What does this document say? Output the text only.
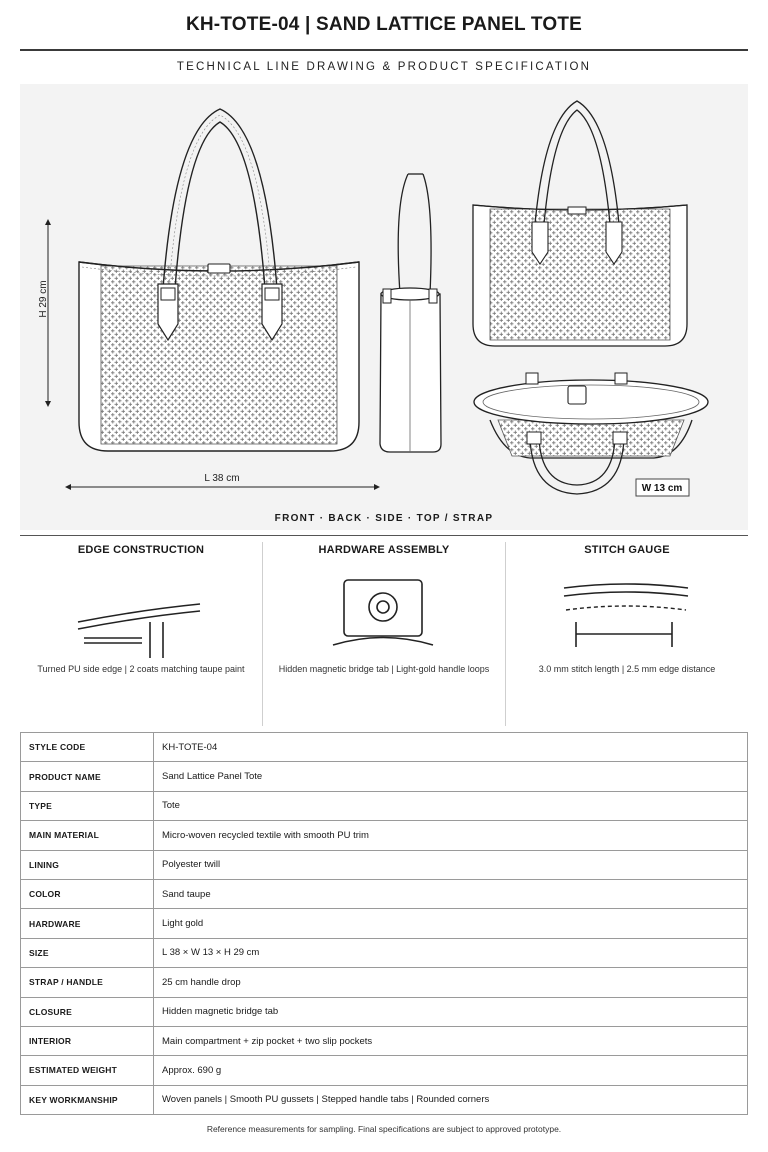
KH-TOTE-04 | SAND LATTICE PANEL TOTE
TECHNICAL LINE DRAWING & PRODUCT SPECIFICATION
H 29 cm
L 38 cm
W 13 cm
FRONT · BACK · SIDE · TOP / STRAP
EDGE CONSTRUCTION
Turned PU side edge | 2 coats matching taupe paint
HARDWARE ASSEMBLY
Hidden magnetic bridge tab | Light-gold handle loops
STITCH GAUGE
3.0 mm stitch length | 2.5 mm edge distance
STYLE CODE	KH-TOTE-04
PRODUCT NAME	Sand Lattice Panel Tote
TYPE	Tote
MAIN MATERIAL	Micro-woven recycled textile with smooth PU trim
LINING	Polyester twill
COLOR	Sand taupe
HARDWARE	Light gold
SIZE	L 38 × W 13 × H 29 cm
STRAP / HANDLE	25 cm handle drop
CLOSURE	Hidden magnetic bridge tab
INTERIOR	Main compartment + zip pocket + two slip pockets
ESTIMATED WEIGHT	Approx. 690 g
KEY WORKMANSHIP	Woven panels | Smooth PU gussets | Stepped handle tabs | Rounded corners
Reference measurements for sampling. Final specifications are subject to approved prototype.
